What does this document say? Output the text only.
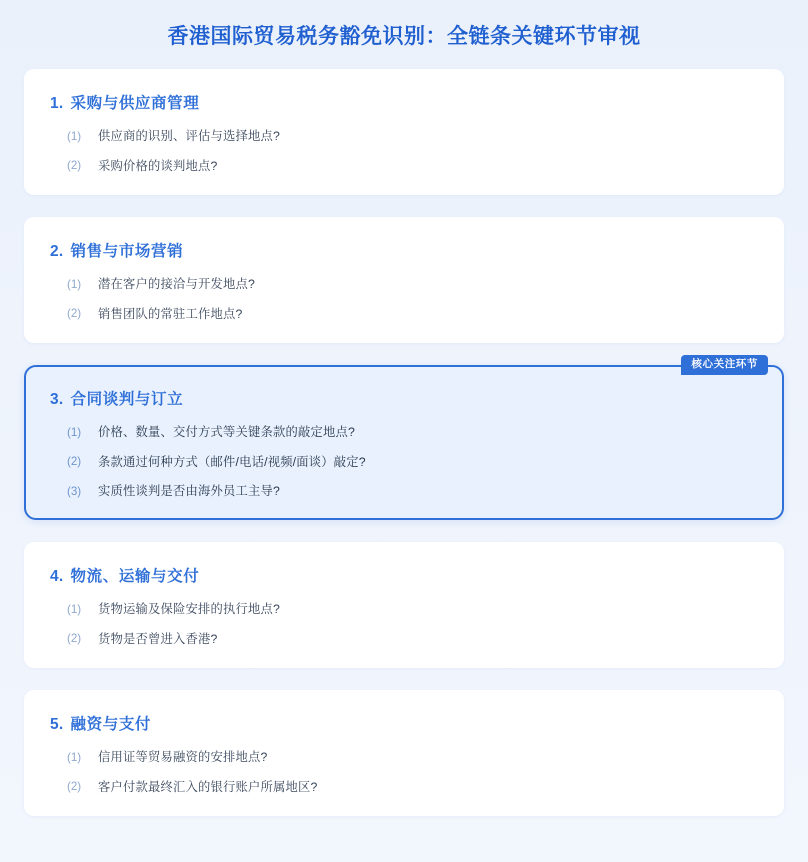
香港国际贸易税务豁免识别：全链条关键环节审视
1. 采购与供应商管理
(1)	供应商的识别、评估与选择地点?
(2)	采购价格的谈判地点?
2. 销售与市场营销
(1)	潜在客户的接洽与开发地点?
(2)	销售团队的常驻工作地点?
核心关注环节
3. 合同谈判与订立
(1)	价格、数量、交付方式等关键条款的敲定地点?
(2)	条款通过何种方式（邮件/电话/视频/面谈）敲定?
(3)	实质性谈判是否由海外员工主导?
4. 物流、运输与交付
(1)	货物运输及保险安排的执行地点?
(2)	货物是否曾进入香港?
5. 融资与支付
(1)	信用证等贸易融资的安排地点?
(2)	客户付款最终汇入的银行账户所属地区?
